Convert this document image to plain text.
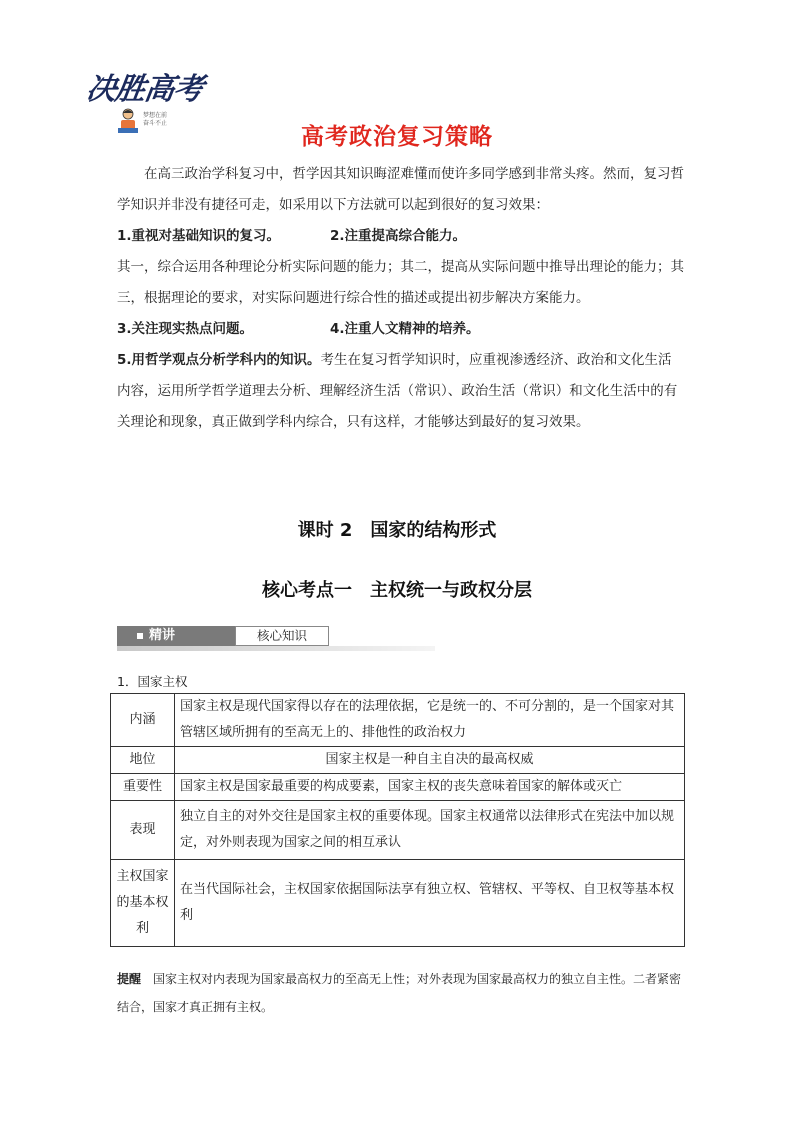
决胜高考
梦想在前
奋斗不止
高考政治复习策略
在高三政治学科复习中，哲学因其知识晦涩难懂而使许多同学感到非常头疼。然而，复习哲学知识并非没有捷径可走，如采用以下方法就可以起到很好的复习效果：
1.重视对基础知识的复习。	2.注重提高综合能力。
其一，综合运用各种理论分析实际问题的能力；其二，提高从实际问题中推导出理论的能力；其三，根据理论的要求，对实际问题进行综合性的描述或提出初步解决方案能力。
3.关注现实热点问题。	4.注重人文精神的培养。
5.用哲学观点分析学科内的知识。考生在复习哲学知识时，应重视渗透经济、政治和文化生活内容，运用所学哲学道理去分析、理解经济生活（常识）、政治生活（常识）和文化生活中的有关理论和现象，真正做到学科内综合，只有这样，才能够达到最好的复习效果。
课时 2　国家的结构形式
核心考点一　主权统一与政权分层
精讲	核心知识
1．国家主权
内涵	国家主权是现代国家得以存在的法理依据，它是统一的、不可分割的，是一个国家对其管辖区域所拥有的至高无上的、排他性的政治权力
地位	国家主权是一种自主自决的最高权威
重要性	国家主权是国家最重要的构成要素，国家主权的丧失意味着国家的解体或灭亡
表现	独立自主的对外交往是国家主权的重要体现。国家主权通常以法律形式在宪法中加以规定，对外则表现为国家之间的相互承认
主权国家的基本权利	在当代国际社会，主权国家依据国际法享有独立权、管辖权、平等权、自卫权等基本权利
提醒　 国家主权对内表现为国家最高权力的至高无上性；对外表现为国家最高权力的独立自主性。二者紧密结合，国家才真正拥有主权。
